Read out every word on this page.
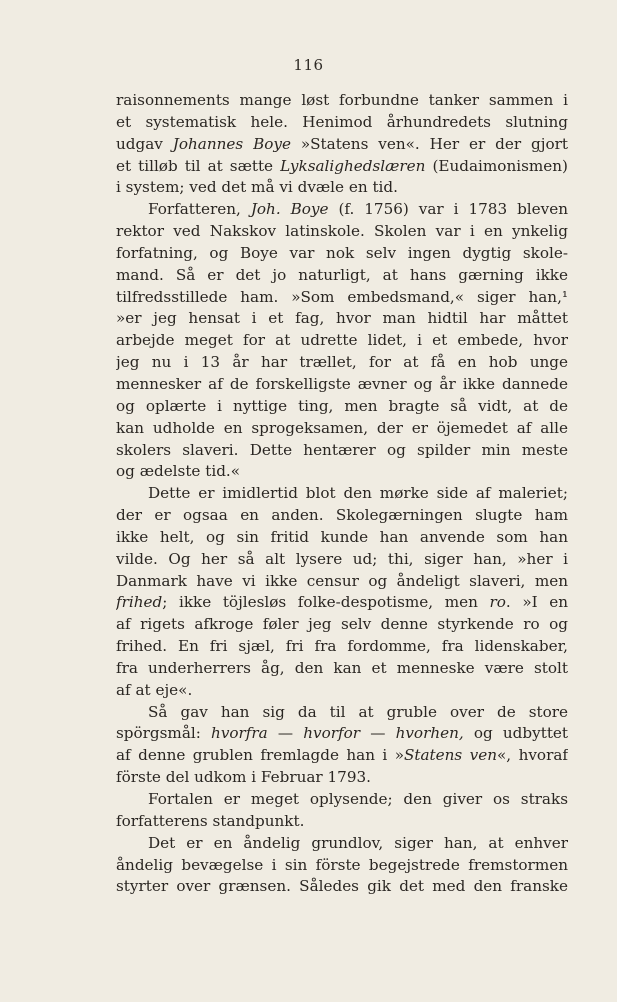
116
raisonnements mange løst forbundne tanker sammen i
et systematisk hele. Henimod århundredets slutning
udgav Johannes Boye »Statens ven«. Her er der gjort
et tilløb til at sætte Lyksalighedslæren (Eudaimonismen)
i system; ved det må vi dvæle en tid.
Forfatteren, Joh. Boye (f. 1756) var i 1783 bleven
rektor ved Nakskov latinskole. Skolen var i en ynkelig
forfatning, og Boye var nok selv ingen dygtig skole-
mand. Så er det jo naturligt, at hans gærning ikke
tilfredsstillede ham. »Som embedsmand,« siger han,¹
»er jeg hensat i et fag, hvor man hidtil har måttet
arbejde meget for at udrette lidet, i et embede, hvor
jeg nu i 13 år har trællet, for at få en hob unge
mennesker af de forskelligste ævner og år ikke dannede
og oplærte i nyttige ting, men bragte så vidt, at de
kan udholde en sprogeksamen, der er öjemedet af alle
skolers slaveri. Dette hentærer og spilder min meste
og ædelste tid.«
Dette er imidlertid blot den mørke side af maleriet;
der er ogsaa en anden. Skolegærningen slugte ham
ikke helt, og sin fritid kunde han anvende som han
vilde. Og her så alt lysere ud; thi, siger han, »her i
Danmark have vi ikke censur og åndeligt slaveri, men
frihed; ikke töjlesløs folke-despotisme, men ro. »I en
af rigets afkroge føler jeg selv denne styrkende ro og
frihed. En fri sjæl, fri fra fordomme, fra lidenskaber,
fra underherrers åg, den kan et menneske være stolt
af at eje«.
Så gav han sig da til at gruble over de store
spörgsmål: hvorfra — hvorfor — hvorhen, og udbyttet
af denne grublen fremlagde han i »Statens ven«, hvoraf
förste del udkom i Februar 1793.
Fortalen er meget oplysende; den giver os straks
forfatterens standpunkt.
Det er en åndelig grundlov, siger han, at enhver
åndelig bevægelse i sin förste begejstrede fremstormen
styrter over grænsen. Således gik det med den franske
